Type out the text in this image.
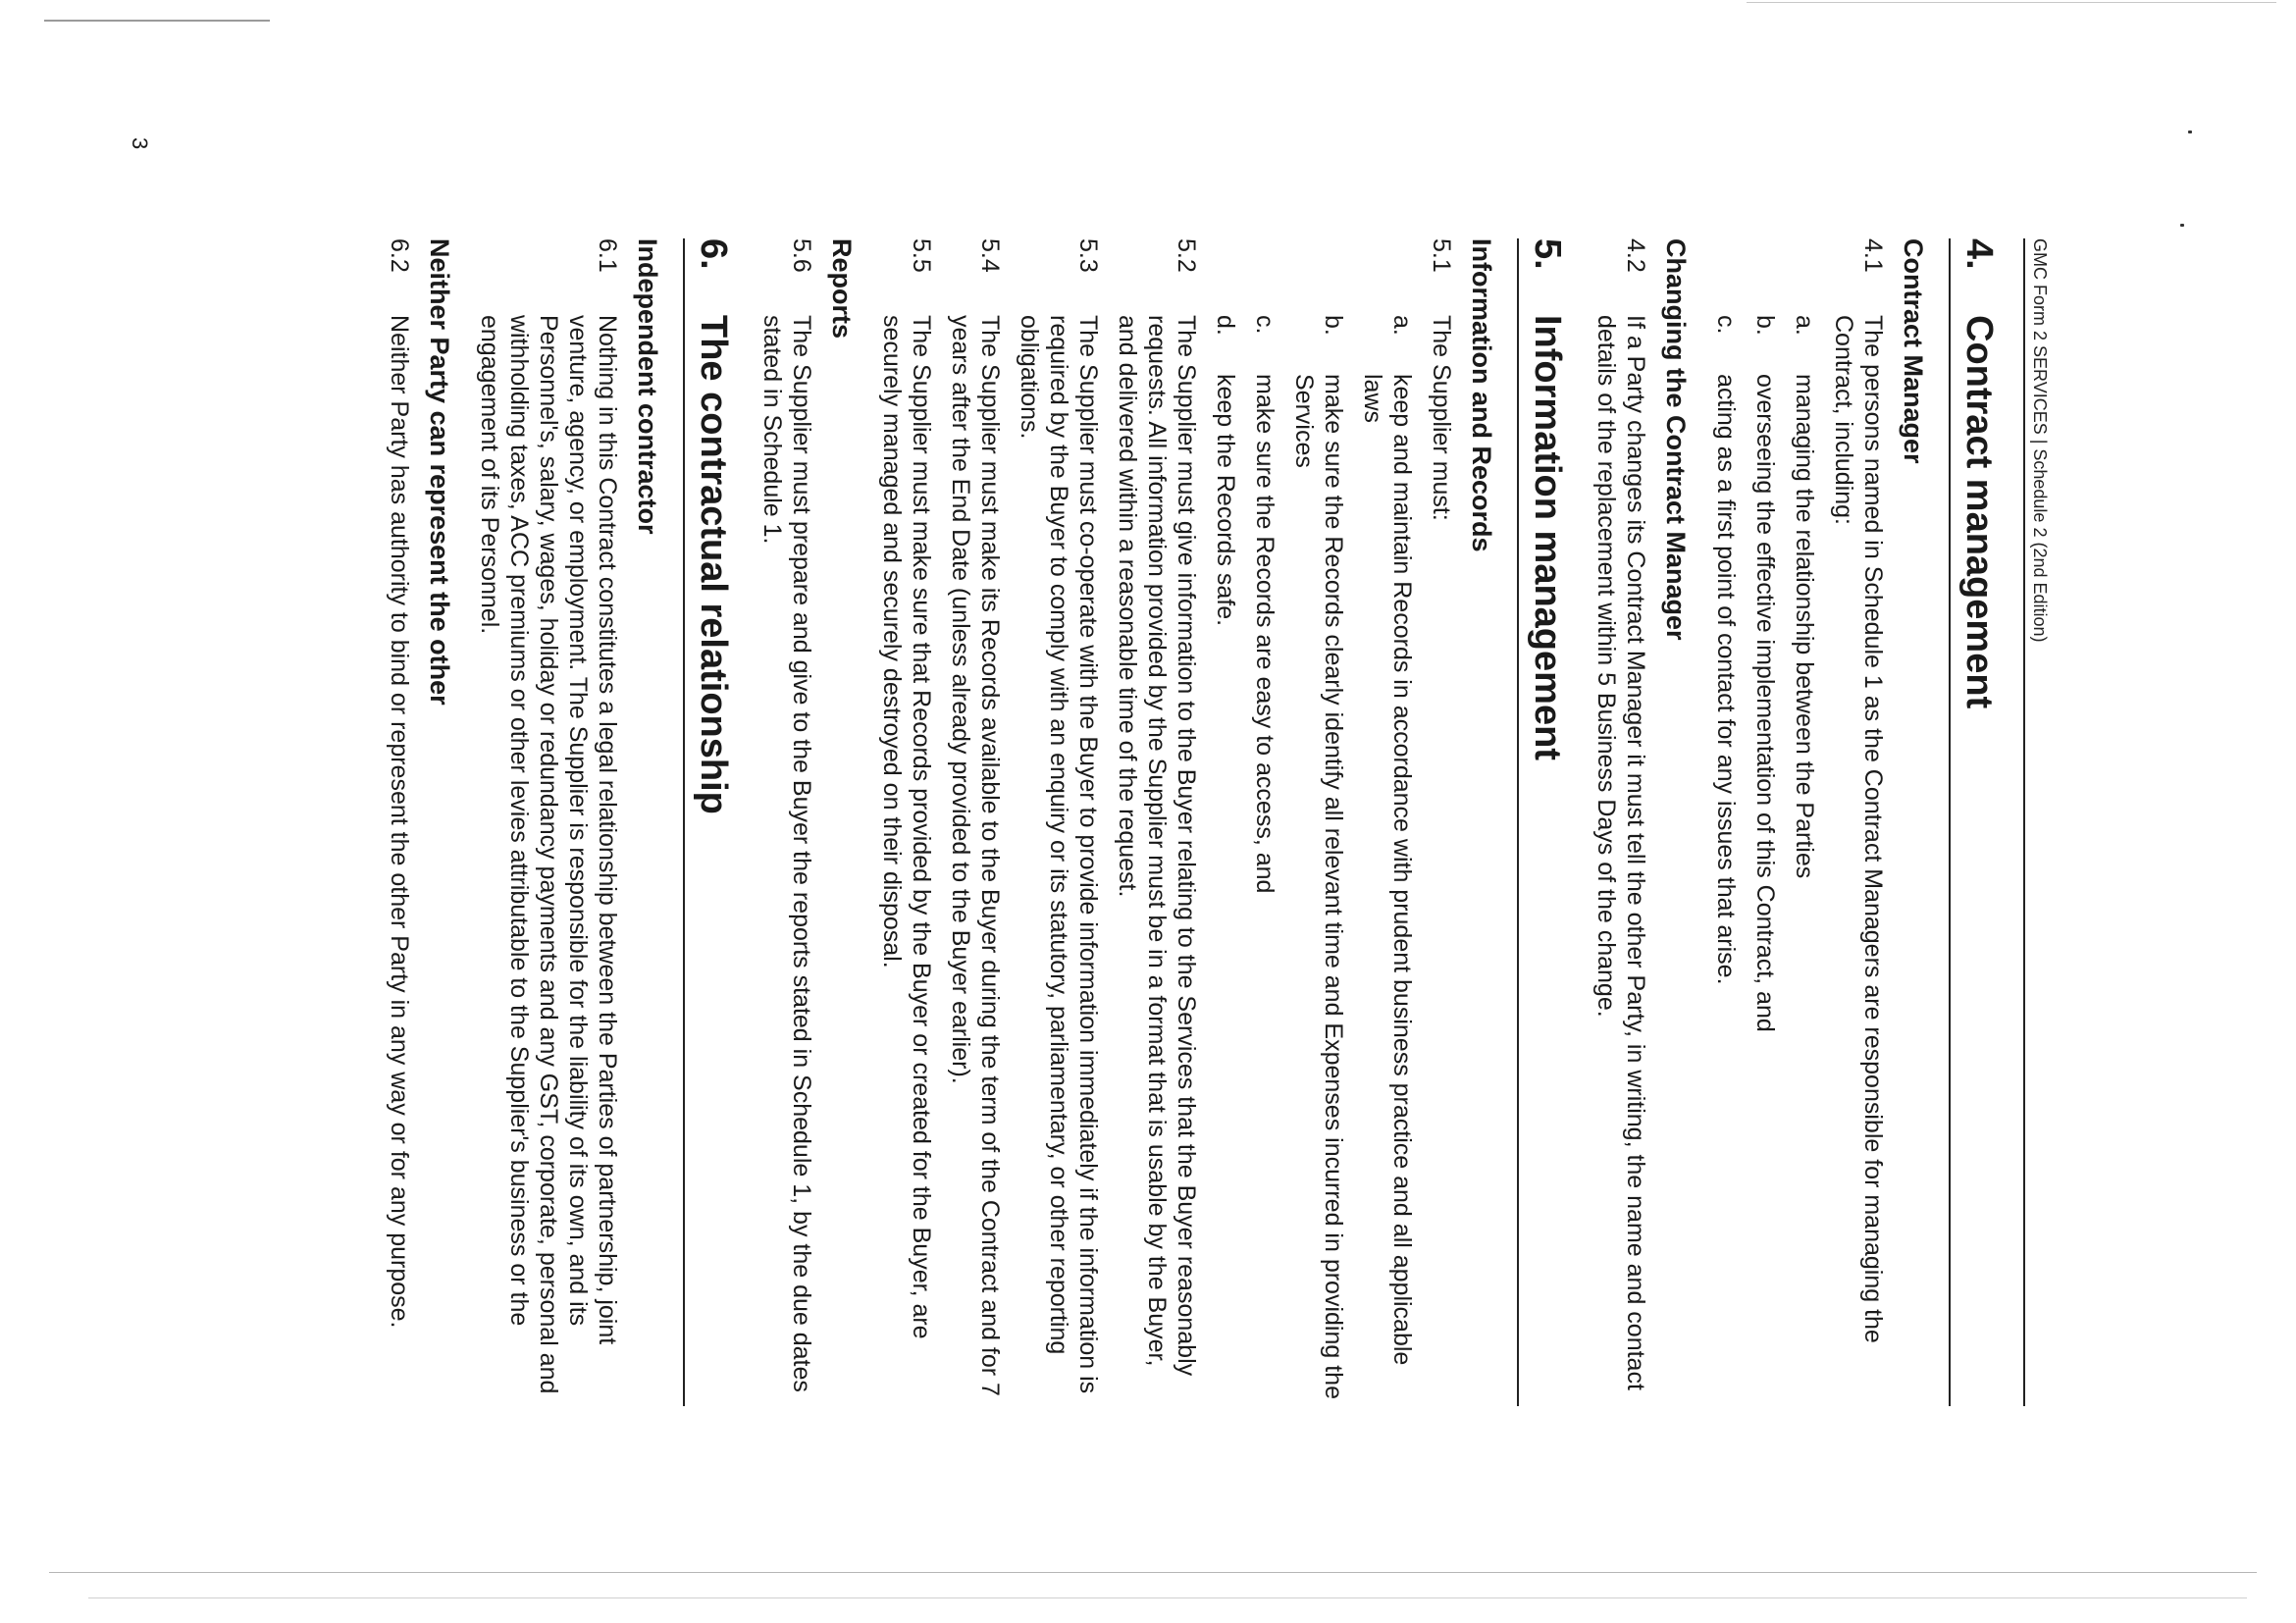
GMC Form 2 SERVICES | Schedule 2 (2nd Edition)
4.
Contract management
Contract Manager
4.1
The persons named in Schedule 1 as the Contract Managers are responsible for managing the Contract, including:
a.
managing the relationship between the Parties
b.
overseeing the effective implementation of this Contract, and
c.
acting as a first point of contact for any issues that arise.
Changing the Contract Manager
4.2
If a Party changes its Contract Manager it must tell the other Party, in writing, the name and contact details of the replacement within 5 Business Days of the change.
5.
Information management
Information and Records
5.1
The Supplier must:
a.
keep and maintain Records in accordance with prudent business practice and all applicable laws
b.
make sure the Records clearly identify all relevant time and Expenses incurred in providing the Services
c.
make sure the Records are easy to access, and
d.
keep the Records safe.
5.2
The Supplier must give information to the Buyer relating to the Services that the Buyer reasonably requests. All information provided by the Supplier must be in a format that is usable by the Buyer, and delivered within a reasonable time of the request.
5.3
The Supplier must co-operate with the Buyer to provide information immediately if the information is required by the Buyer to comply with an enquiry or its statutory, parliamentary, or other reporting obligations.
5.4
The Supplier must make its Records available to the Buyer during the term of the Contract and for 7 years after the End Date (unless already provided to the Buyer earlier).
5.5
The Supplier must make sure that Records provided by the Buyer or created for the Buyer, are securely managed and securely destroyed on their disposal.
Reports
5.6
The Supplier must prepare and give to the Buyer the reports stated in Schedule 1, by the due dates stated in Schedule 1.
6.
The contractual relationship
Independent contractor
6.1
Nothing in this Contract constitutes a legal relationship between the Parties of partnership, joint venture, agency, or employment. The Supplier is responsible for the liability of its own, and its Personnel's, salary, wages, holiday or redundancy payments and any GST, corporate, personal and withholding taxes, ACC premiums or other levies attributable to the Supplier's business or the engagement of its Personnel.
Neither Party can represent the other
6.2
Neither Party has authority to bind or represent the other Party in any way or for any purpose.
3
